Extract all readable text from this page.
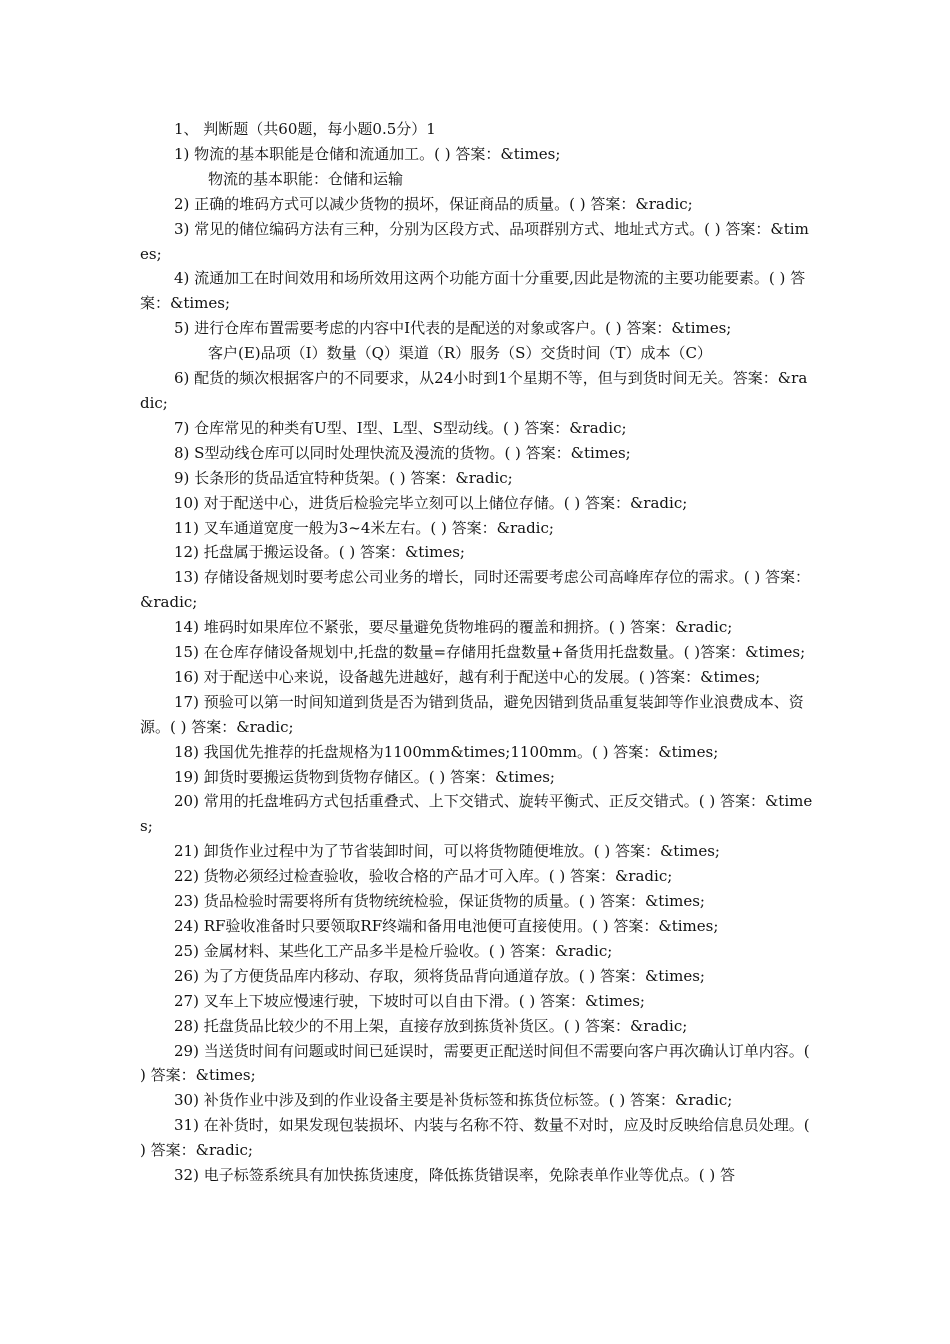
1、 判断题（共60题，每小题0.5分）1

1) 物流的基本职能是仓储和流通加工。( ) 答案：&times;

物流的基本职能：仓储和运输

2) 正确的堆码方式可以减少货物的损坏，保证商品的质量。( ) 答案：&radic;

3) 常见的储位编码方法有三种，分别为区段方式、品项群别方式、地址式方式。( ) 答案：&times;

4) 流通加工在时间效用和场所效用这两个功能方面十分重要,因此是物流的主要功能要素。( ) 答案：&times;

5) 进行仓库布置需要考虑的内容中Ⅰ代表的是配送的对象或客户。( ) 答案：&times;

客户(E)品项（I）数量（Q）渠道（R）服务（S）交货时间（T）成本（C）

6) 配货的频次根据客户的不同要求，从24小时到1个星期不等，但与到货时间无关。答案：&radic;

7) 仓库常见的种类有U型、I型、L型、S型动线。( ) 答案：&radic;

8) S型动线仓库可以同时处理快流及漫流的货物。( ) 答案：&times;

9) 长条形的货品适宜特种货架。( ) 答案：&radic;

10) 对于配送中心，进货后检验完毕立刻可以上储位存储。( ) 答案：&radic;

11) 叉车通道宽度一般为3~4米左右。( ) 答案：&radic;

12) 托盘属于搬运设备。( ) 答案：&times;

13) 存储设备规划时要考虑公司业务的增长，同时还需要考虑公司高峰库存位的需求。( ) 答案：&radic;

14) 堆码时如果库位不紧张，要尽量避免货物堆码的覆盖和拥挤。( ) 答案：&radic;

15) 在仓库存储设备规划中,托盘的数量=存储用托盘数量+备货用托盘数量。( )答案：&times;

16) 对于配送中心来说，设备越先进越好，越有利于配送中心的发展。( )答案：&times;

17) 预验可以第一时间知道到货是否为错到货品，避免因错到货品重复装卸等作业浪费成本、资源。( ) 答案：&radic;

18) 我国优先推荐的托盘规格为1100mm&times;1100mm。( ) 答案：&times;

19) 卸货时要搬运货物到货物存储区。( ) 答案：&times;

20) 常用的托盘堆码方式包括重叠式、上下交错式、旋转平衡式、正反交错式。( ) 答案：&times;

21) 卸货作业过程中为了节省装卸时间，可以将货物随便堆放。( ) 答案：&times;

22) 货物必须经过检查验收，验收合格的产品才可入库。( ) 答案：&radic;

23) 货品检验时需要将所有货物统统检验，保证货物的质量。( ) 答案：&times;

24) RF验收准备时只要领取RF终端和备用电池便可直接使用。( ) 答案：&times;

25) 金属材料、某些化工产品多半是检斤验收。( ) 答案：&radic;

26) 为了方便货品库内移动、存取，须将货品背向通道存放。( ) 答案：&times;

27) 叉车上下坡应慢速行驶，下坡时可以自由下滑。( ) 答案：&times;

28) 托盘货品比较少的不用上架，直接存放到拣货补货区。( ) 答案：&radic;

29) 当送货时间有问题或时间已延误时，需要更正配送时间但不需要向客户再次确认订单内容。( ) 答案：&times;

30) 补货作业中涉及到的作业设备主要是补货标签和拣货位标签。( ) 答案：&radic;

31) 在补货时，如果发现包装损坏、内装与名称不符、数量不对时，应及时反映给信息员处理。( ) 答案：&radic;

32) 电子标签系统具有加快拣货速度，降低拣货错误率，免除表单作业等优点。( ) 答
